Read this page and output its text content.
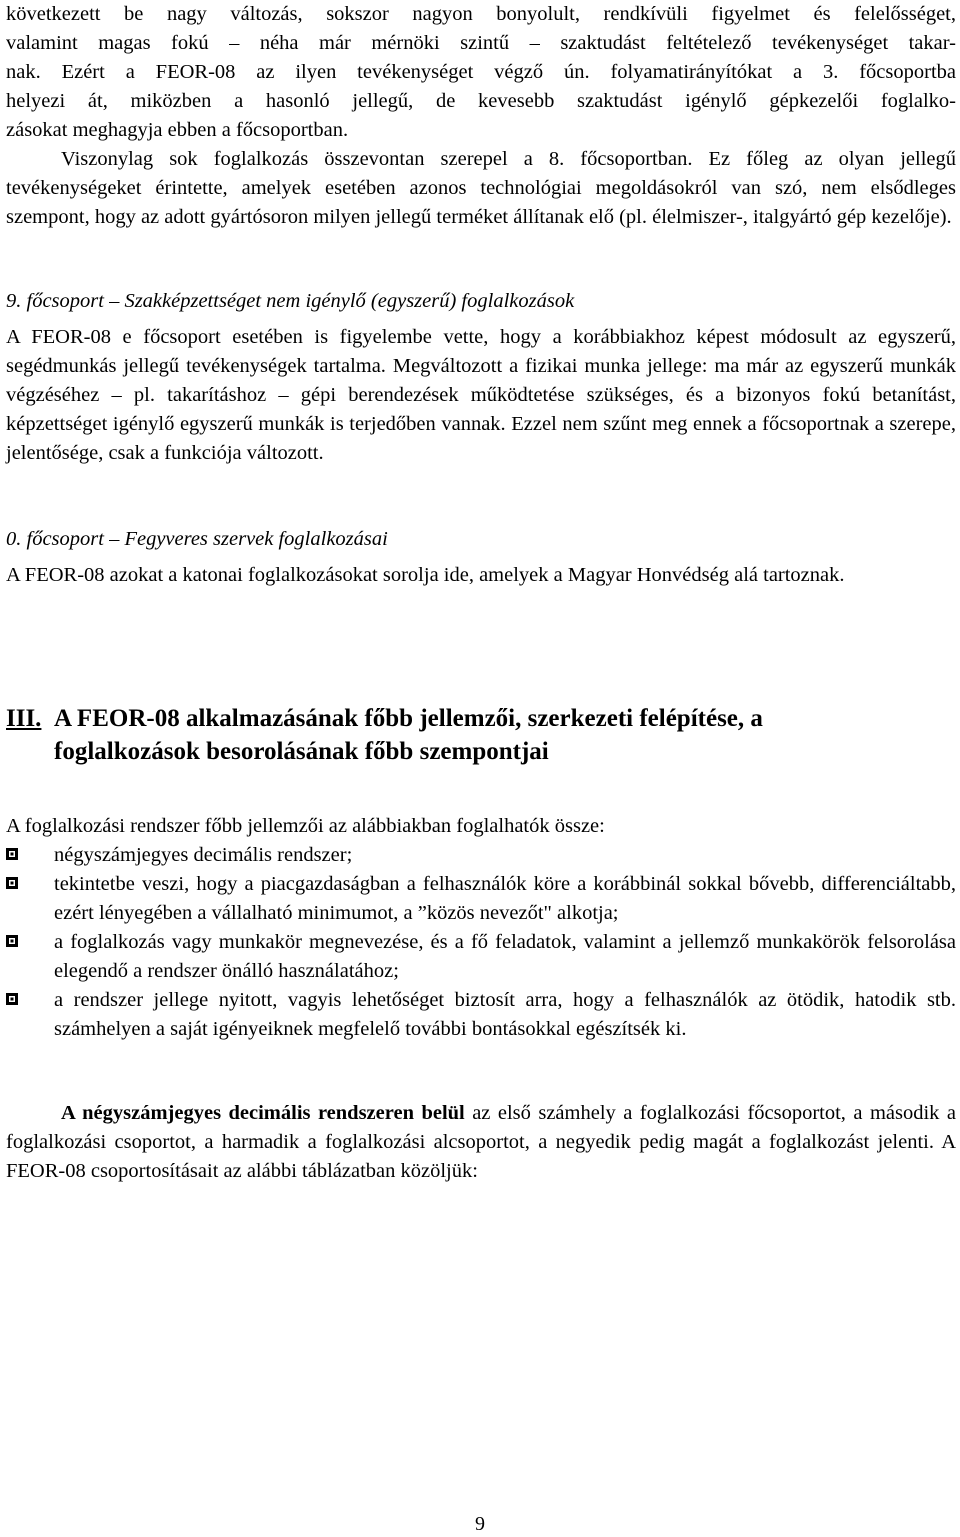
következett be nagy változás, sokszor nagyon bonyolult, rendkívüli figyelmet és felelősséget,
valamint magas fokú – néha már mérnöki szintű – szaktudást feltételező tevékenységet takar-
nak. Ezért a FEOR-08 az ilyen tevékenységet végző ún. folyamatirányítókat a 3. főcsoportba
helyezi át, miközben a hasonló jellegű, de kevesebb szaktudást igénylő gépkezelői foglalko-
zásokat meghagyja ebben a főcsoportban.
Viszonylag sok foglalkozás összevontan szerepel a 8. főcsoportban. Ez főleg az olyan jellegű tevékenységeket érintette, amelyek esetében azonos technológiai megoldásokról van szó, nem elsődleges szempont, hogy az adott gyártósoron milyen jellegű terméket állítanak elő (pl. élelmiszer-, italgyártó gép kezelője).
9. főcsoport – Szakképzettséget nem igénylő (egyszerű) foglalkozások
A FEOR-08 e főcsoport esetében is figyelembe vette, hogy a korábbiakhoz képest módosult az egyszerű, segédmunkás jellegű tevékenységek tartalma. Megváltozott a fizikai munka jellege: ma már az egyszerű munkák végzéséhez – pl. takarításhoz – gépi berendezések működtetése szükséges, és a bizonyos fokú betanítást, képzettséget igénylő egyszerű munkák is terjedőben vannak. Ezzel nem szűnt meg ennek a főcsoportnak a szerepe, jelentősége, csak a funkciója változott.
0. főcsoport – Fegyveres szervek foglalkozásai
A FEOR-08 azokat a katonai foglalkozásokat sorolja ide, amelyek a Magyar Honvédség alá tartoznak.
III. A FEOR-08 alkalmazásának főbb jellemzői, szerkezeti felépítése, a
foglalkozások besorolásának főbb szempontjai
A foglalkozási rendszer főbb jellemzői az alábbiakban foglalhatók össze:
négyszámjegyes decimális rendszer;
tekintetbe veszi, hogy a piacgazdaságban a felhasználók köre a korábbinál sokkal bővebb, differenciáltabb, ezért lényegében a vállalható minimumot, a ”közös nevezőt" alkotja;
a foglalkozás vagy munkakör megnevezése, és a fő feladatok, valamint a jellemző munkakörök felsorolása elegendő a rendszer önálló használatához;
a rendszer jellege nyitott, vagyis lehetőséget biztosít arra, hogy a felhasználók az ötödik, hatodik stb. számhelyen a saját igényeiknek megfelelő további bontásokkal egészítsék ki.
A négyszámjegyes decimális rendszeren belül az első számhely a foglalkozási főcsoportot, a második a foglalkozási csoportot, a harmadik a foglalkozási alcsoportot, a negyedik pedig magát a foglalkozást jelenti. A FEOR-08 csoportosításait az alábbi táblázatban közöljük:
9
